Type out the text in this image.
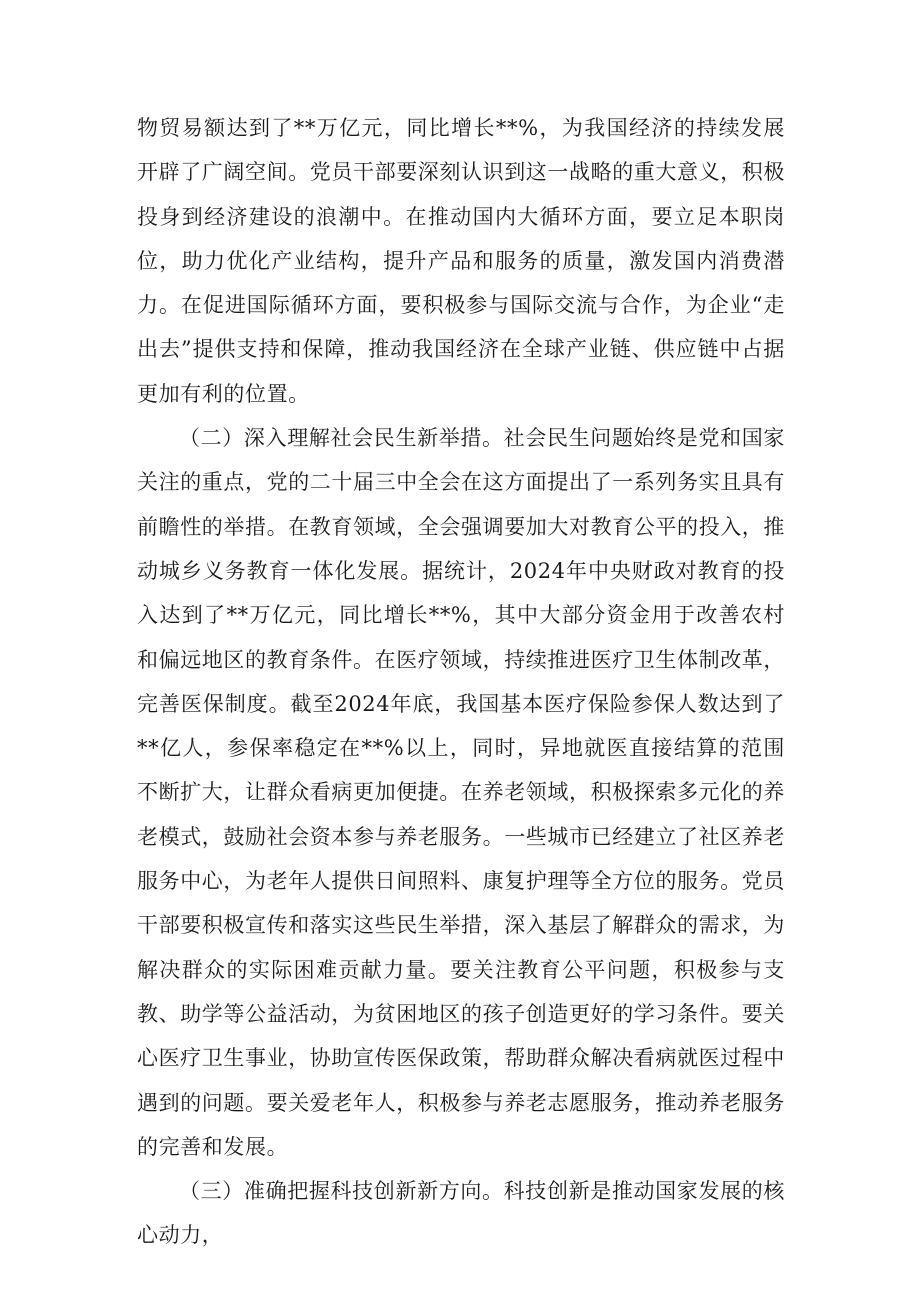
物贸易额达到了**万亿元，同比增长**%，为我国经济的持续发展开辟了广阔空间。党员干部要深刻认识到这一战略的重大意义，积极投身到经济建设的浪潮中。在推动国内大循环方面，要立足本职岗位，助力优化产业结构，提升产品和服务的质量，激发国内消费潜力。在促进国际循环方面，要积极参与国际交流与合作，为企业“走出去”提供支持和保障，推动我国经济在全球产业链、供应链中占据更加有利的位置。

（二）深入理解社会民生新举措。社会民生问题始终是党和国家关注的重点，党的二十届三中全会在这方面提出了一系列务实且具有前瞻性的举措。在教育领域，全会强调要加大对教育公平的投入，推动城乡义务教育一体化发展。据统计，2024年中央财政对教育的投入达到了**万亿元，同比增长**%，其中大部分资金用于改善农村和偏远地区的教育条件。在医疗领域，持续推进医疗卫生体制改革，完善医保制度。截至2024年底，我国基本医疗保险参保人数达到了**亿人，参保率稳定在**%以上，同时，异地就医直接结算的范围不断扩大，让群众看病更加便捷。在养老领域，积极探索多元化的养老模式，鼓励社会资本参与养老服务。一些城市已经建立了社区养老服务中心，为老年人提供日间照料、康复护理等全方位的服务。党员干部要积极宣传和落实这些民生举措，深入基层了解群众的需求，为解决群众的实际困难贡献力量。要关注教育公平问题，积极参与支教、助学等公益活动，为贫困地区的孩子创造更好的学习条件。要关心医疗卫生事业，协助宣传医保政策，帮助群众解决看病就医过程中遇到的问题。要关爱老年人，积极参与养老志愿服务，推动养老服务的完善和发展。

（三）准确把握科技创新新方向。科技创新是推动国家发展的核心动力，
